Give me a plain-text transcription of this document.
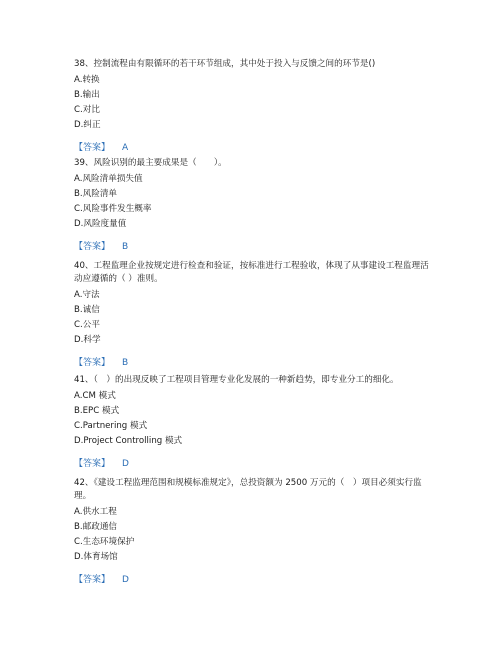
38、控制流程由有限循环的若干环节组成，其中处于投入与反馈之间的环节是()

A.转换

B.输出

C.对比

D.纠正

【答案】 A

39、风险识别的最主要成果是（　　）。

A.风险清单损失值

B.风险清单

C.风险事件发生概率

D.风险度量值

【答案】 B

40、工程监理企业按规定进行检查和验证，按标准进行工程验收，体现了从事建设工程监理活动应遵循的（ ）准则。

A.守法

B.诚信

C.公平

D.科学

【答案】 B

41、（　）的出现反映了工程项目管理专业化发展的一种新趋势，即专业分工的细化。

A.CM 模式

B.EPC 模式

C.Partnering 模式

D.Project Controlling 模式

【答案】 D

42、《建设工程监理范围和规模标准规定》，总投资额为 2500 万元的（　）项目必须实行监理。

A.供水工程

B.邮政通信

C.生态环境保护

D.体育场馆

【答案】 D
